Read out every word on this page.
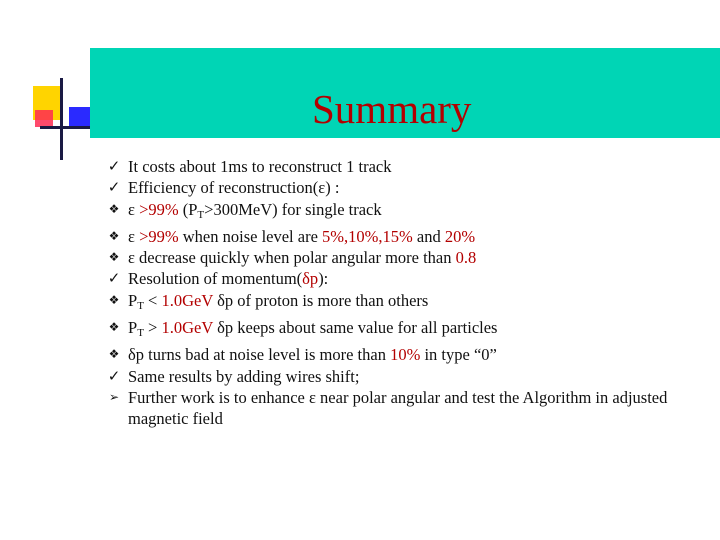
Summary
✓ It costs about 1ms to reconstruct 1 track
✓ Efficiency of reconstruction(ε) :
❖ ε >99% $(P_T>300MeV)$ for single track
❖ ε >99% when noise level are 5%,10%,15% and 20%
❖ ε decrease quickly when polar angular more than 0.8
✓ Resolution of momentum(δp):
❖ $P_T < 1.0GeV$ δp of proton is more than others
❖ $P_T > 1.0GeV$ δp keeps about same value for all particles
❖ δp turns bad at noise level is more than 10% in type “0”
✓ Same results by adding wires shift;
➢ Further work is to enhance ε near polar angular and test the Algorithm in adjusted magnetic field
